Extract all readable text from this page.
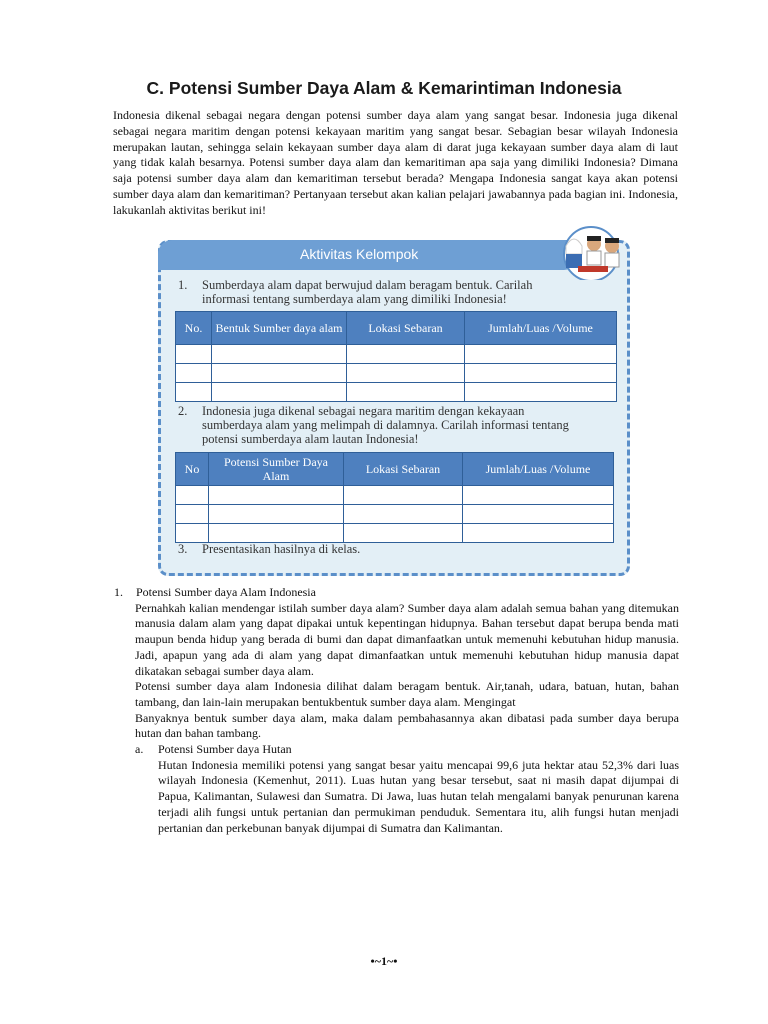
C. Potensi Sumber Daya Alam & Kemarintiman Indonesia

Indonesia dikenal sebagai negara dengan potensi sumber daya alam yang sangat besar. Indonesia juga dikenal sebagai negara maritim dengan potensi kekayaan maritim yang sangat besar. Sebagian besar wilayah Indonesia merupakan lautan, sehingga selain kekayaan sumber daya alam di darat juga kekayaan sumber daya alam di laut yang tidak kalah besarnya. Potensi sumber daya alam dan kemaritiman apa saja yang dimiliki Indonesia? Dimana saja potensi sumber daya alam dan kemaritiman tersebut berada? Mengapa Indonesia sangat kaya akan potensi sumber daya alam dan kemaritiman? Pertanyaan tersebut akan kalian pelajari jawabannya pada bagian ini. Indonesia, lakukanlah aktivitas berikut ini!

Aktivitas Kelompok
1. Sumberdaya alam dapat berwujud dalam beragam bentuk. Carilah
informasi tentang sumberdaya alam yang dimiliki Indonesia!
No.	Bentuk Sumber daya alam	Lokasi Sebaran	Jumlah/Luas /Volume

2. Indonesia juga dikenal sebagai negara maritim dengan kekayaan
sumberdaya alam yang melimpah di dalamnya. Carilah informasi tentang
potensi sumberdaya alam lautan Indonesia!
No	Potensi Sumber Daya Alam	Lokasi Sebaran	Jumlah/Luas /Volume

3. Presentasikan hasilnya di kelas.

1. Potensi Sumber daya Alam Indonesia

Pernahkah kalian mendengar istilah sumber daya alam? Sumber daya alam adalah semua bahan yang ditemukan manusia dalam alam yang dapat dipakai untuk kepentingan hidupnya. Bahan tersebut dapat berupa benda mati maupun benda hidup yang berada di bumi dan dapat dimanfaatkan untuk memenuhi kebutuhan hidup manusia. Jadi, apapun yang ada di alam yang dapat dimanfaatkan untuk memenuhi kebutuhan hidup manusia dapat dikatakan sebagai sumber daya alam.

Potensi sumber daya alam Indonesia dilihat dalam beragam bentuk. Air,tanah, udara, batuan, hutan, bahan tambang, dan lain-lain merupakan bentukbentuk sumber daya alam. Mengingat

Banyaknya bentuk sumber daya alam, maka dalam pembahasannya akan dibatasi pada sumber daya berupa hutan dan bahan tambang.

a. Potensi Sumber daya Hutan

Hutan Indonesia memiliki potensi yang sangat besar yaitu mencapai 99,6 juta hektar atau 52,3% dari luas wilayah Indonesia (Kemenhut, 2011). Luas hutan yang besar tersebut, saat ni masih dapat dijumpai di Papua, Kalimantan, Sulawesi dan Sumatra. Di Jawa, luas hutan telah mengalami banyak penurunan karena terjadi alih fungsi untuk pertanian dan permukiman penduduk. Sementara itu, alih fungsi hutan menjadi pertanian dan perkebunan banyak dijumpai di Sumatra dan Kalimantan.

•~1~•
